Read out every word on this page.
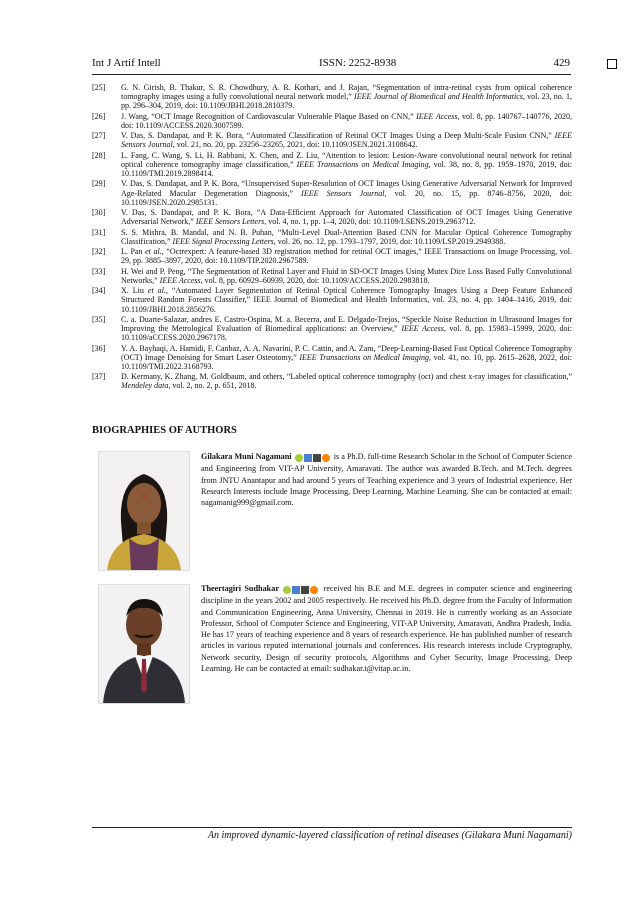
Int J Artif Intell	ISSN: 2252-8938	429
[25] G. N. Girish, B. Thakur, S. R. Chowdhury, A. R. Kothari, and J. Rajan, “Segmentation of intra-retinal cysts from optical coherence tomography images using a fully convolutional neural network model,” IEEE Journal of Biomedical and Health Informatics, vol. 23, no. 1, pp. 296–304, 2019, doi: 10.1109/JBHI.2018.2810379.
[26] J. Wang, “OCT Image Recognition of Cardiovascular Vulnerable Plaque Based on CNN,” IEEE Access, vol. 8, pp. 140767–140776, 2020, doi: 10.1109/ACCESS.2020.3007599.
[27] V. Das, S. Dandapat, and P. K. Bora, “Automated Classification of Retinal OCT Images Using a Deep Multi-Scale Fusion CNN,” IEEE Sensors Journal, vol. 21, no. 20, pp. 23256–23265, 2021, doi: 10.1109/JSEN.2021.3108642.
[28] L. Fang, C. Wang, S. Li, H. Rabbani, X. Chen, and Z. Liu, “Attention to lesion: Lesion-Aware convolutional neural network for retinal optical coherence tomography image classification,” IEEE Transactions on Medical Imaging, vol. 38, no. 8, pp. 1959–1970, 2019, doi: 10.1109/TMI.2019.2898414.
[29] V. Das, S. Dandapat, and P. K. Bora, “Unsupervised Super-Resolution of OCT Images Using Generative Adversarial Network for Improved Age-Related Macular Degeneration Diagnosis,” IEEE Sensors Journal, vol. 20, no. 15, pp. 8746–8756, 2020, doi: 10.1109/JSEN.2020.2985131.
[30] V. Das, S. Dandapat, and P. K. Bora, “A Data-Efficient Approach for Automated Classification of OCT Images Using Generative Adversarial Network,” IEEE Sensors Letters, vol. 4, no. 1, pp. 1–4, 2020, doi: 10.1109/LSENS.2019.2963712.
[31] S. S. Mishra, B. Mandal, and N. B. Puhan, “Multi-Level Dual-Attention Based CNN for Macular Optical Coherence Tomography Classification,” IEEE Signal Processing Letters, vol. 26, no. 12, pp. 1793–1797, 2019, doi: 10.1109/LSP.2019.2949388.
[32] L. Pan et al., “Octrexpert: A feature-based 3D registration method for retinal OCT images,” IEEE Transactions on Image Processing, vol. 29, pp. 3885–3897, 2020, doi: 10.1109/TIP.2020.2967589.
[33] H. Wei and P. Peng, “The Segmentation of Retinal Layer and Fluid in SD-OCT Images Using Mutex Dice Loss Based Fully Convolutional Networks,” IEEE Access, vol. 8, pp. 60929–60939, 2020, doi: 10.1109/ACCESS.2020.2983818.
[34] X. Liu et al., “Automated Layer Segmentation of Retinal Optical Coherence Tomography Images Using a Deep Feature Enhanced Structured Random Forests Classifier,” IEEE Journal of Biomedical and Health Informatics, vol. 23, no. 4, pp. 1404–1416, 2019, doi: 10.1109/JBHI.2018.2856276.
[35] C. a. Duarte-Salazar, andres E. Castro-Ospina, M. a. Becerra, and E. Delgado-Trejos, “Speckle Noise Reduction in Ultrasound Images for Improving the Metrological Evaluation of Biomedical applications: an Overview,” IEEE Access, vol. 8, pp. 15983–15999, 2020, doi: 10.1109/aCCESS.2020.2967178.
[36] Y. A. Bayhaqi, A. Hamidi, F. Canbaz, A. A. Navarini, P. C. Cattin, and A. Zam, “Deep-Learning-Based Fast Optical Coherence Tomography (OCT) Image Denoising for Smart Laser Osteotomy,” IEEE Transactions on Medical Imaging, vol. 41, no. 10, pp. 2615–2628, 2022, doi: 10.1109/TMI.2022.3168793.
[37] D. Kermany, K. Zhang, M. Goldbaum, and others, “Labeled optical coherence tomography (oct) and chest x-ray images for classification,” Mendeley data, vol. 2, no. 2, p. 651, 2018.
BIOGRAPHIES OF AUTHORS
Gilakara Muni Nagamani	is a Ph.D. full-time Research Scholar in the School of Computer Science and Engineering from VIT-AP University, Amaravati. The author was awarded B.Tech. and M.Tech. degrees from JNTU Anantapur and had around 5 years of Teaching experience and 3 years of Industrial experience. Her Research Interests include Image Processing, Deep Learning, Machine Learning. She can be contacted at email: nagamanig999@gmail.com.
Theertagiri Sudhakar	received his B.E and M.E. degrees in computer science and engineering discipline in the years 2002 and 2005 respectively. He received his Ph.D. degree from the Faculty of Information and Communication Engineering, Anna University, Chennai in 2019. He is currently working as an Associate Professor, School of Computer Science and Engineering, VIT-AP University, Amaravati, Andhra Pradesh, India. He has 17 years of teaching experience and 8 years of research experience. He has published number of research articles in various reputed international journals and conferences. His research interests include Cryptography, Network security, Design of security protocols, Algorithms and Cyber Security, Image Processing, Deep Learning. He can be contacted at email: sudhakar.t@vitap.ac.in.
An improved dynamic-layered classification of retinal diseases (Gilakara Muni Nagamani)
